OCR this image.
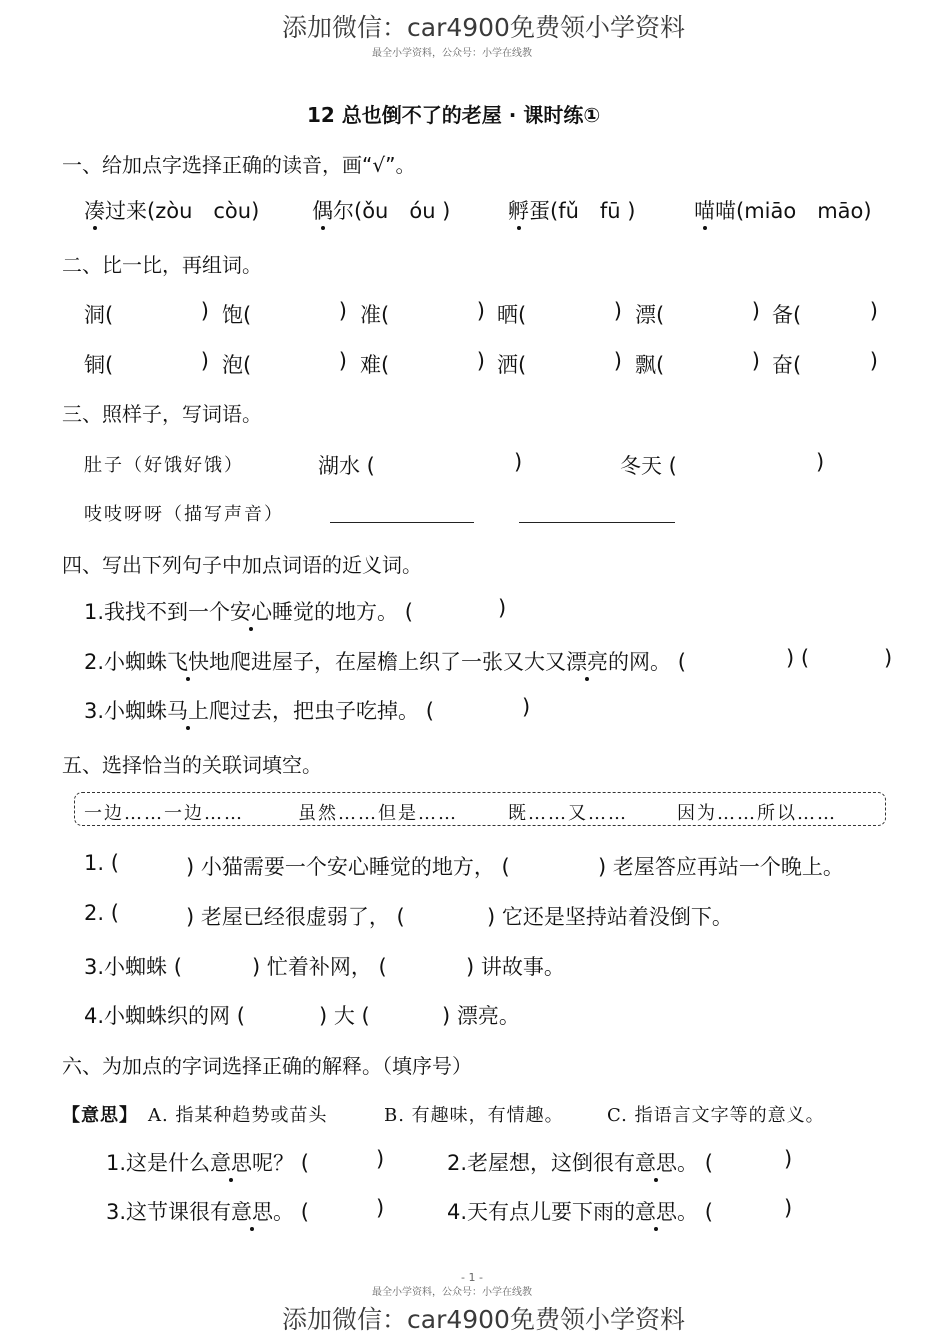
添加微信：car4900免费领小学资料
最全小学资料，公众号：小学在线教
12 总也倒不了的老屋 · 课时练①
一、给加点字选择正确的读音，画“√”。
凑过来(zòu　còu)	偶尔(ǒu　óu )	孵蛋(fǔ　fū )	喵喵(miāo　māo)
二、比一比，再组词。
洞(	) 饱(	) 准(	) 晒(	) 漂(	) 备(	)
铜(	) 泡(	) 难(	) 洒(	) 飘(	) 奋(	)
三、照样子，写词语。
肚子（好饿好饿）	湖水 (	)	冬天 (	)
吱吱呀呀（描写声音）
四、写出下列句子中加点词语的近义词。
1.我找不到一个安心睡觉的地方。 (	)
2.小蜘蛛飞快地爬进屋子，在屋檐上织了一张又大又漂亮的网。 (	) (	)
3.小蜘蛛马上爬过去，把虫子吃掉。 (	)
五、选择恰当的关联词填空。
一边……一边……	虽然……但是……	既……又……	因为……所以……
1. (	) 小猫需要一个安心睡觉的地方， (	) 老屋答应再站一个晚上。
2. (	) 老屋已经很虚弱了， (	) 它还是坚持站着没倒下。
3.小蜘蛛 (	) 忙着补网， (	) 讲故事。
4.小蜘蛛织的网 (	) 大 (	) 漂亮。
六、为加点的字词选择正确的解释。（填序号）
【意思】 A. 指某种趋势或苗头	B. 有趣味，有情趣。 C. 指语言文字等的意义。
1.这是什么意思呢？ (	)	2.老屋想，这倒很有意思。 (	)
3.这节课很有意思。 (	)	4.天有点儿要下雨的意思。 (	)
- 1 -
最全小学资料，公众号：小学在线教
添加微信：car4900免费领小学资料
